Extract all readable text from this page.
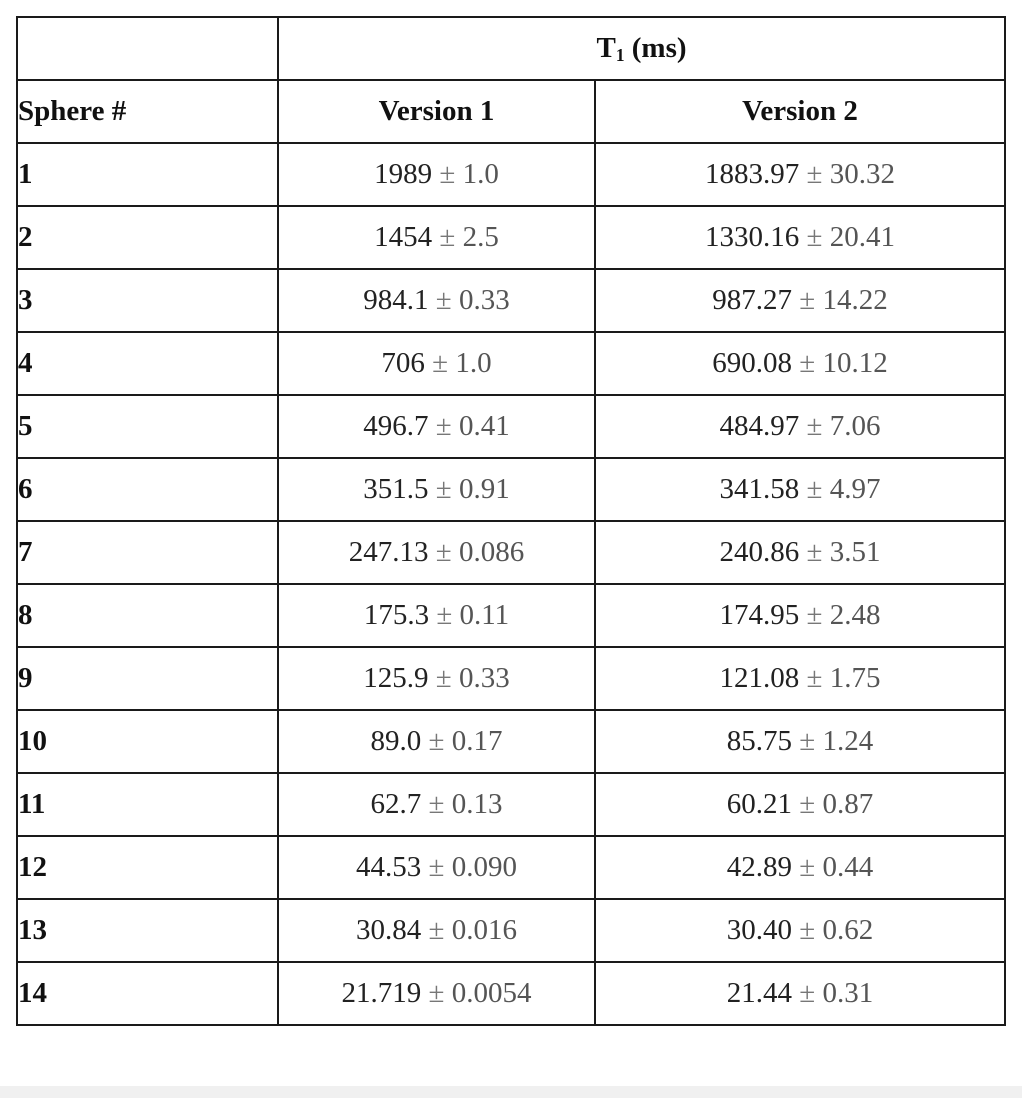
	$T_1$ (ms)	
Sphere #	Version 1	Version 2
1	1989 ± 1.0	1883.97 ± 30.32
2	1454 ± 2.5	1330.16 ± 20.41
3	984.1 ± 0.33	987.27 ± 14.22
4	706 ± 1.0	690.08 ± 10.12
5	496.7 ± 0.41	484.97 ± 7.06
6	351.5 ± 0.91	341.58 ± 4.97
7	247.13 ± 0.086	240.86 ± 3.51
8	175.3 ± 0.11	174.95 ± 2.48
9	125.9 ± 0.33	121.08 ± 1.75
10	89.0 ± 0.17	85.75 ± 1.24
11	62.7 ± 0.13	60.21 ± 0.87
12	44.53 ± 0.090	42.89 ± 0.44
13	30.84 ± 0.016	30.40 ± 0.62
14	21.719 ± 0.0054	21.44 ± 0.31
